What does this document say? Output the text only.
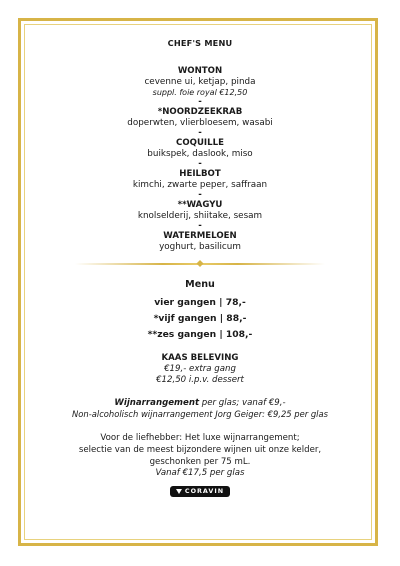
CHEF'S MENU

WONTON

cevenne ui, ketjap, pinda

suppl. foie royal €12,50

-

*NOORDZEEKRAB

doperwten, vlierbloesem, wasabi

-

COQUILLE

buikspek, daslook, miso

-

HEILBOT

kimchi, zwarte peper, saffraan

-

**WAGYU

knolselderij, shiitake, sesam

-

WATERMELOEN

yoghurt, basilicum

Menu

vier gangen | 78,-

*vijf gangen | 88,-

**zes gangen | 108,-

KAAS BELEVING

€19,- extra gang

€12,50 i.p.v. dessert

Wijnarrangement per glas; vanaf €9,-

Non-alcoholisch wijnarrangement Jorg Geiger: €9,25 per glas

Voor de liefhebber: Het luxe wijnarrangement;

selectie van de meest bijzondere wijnen uit onze kelder,

geschonken per 75 mL.

Vanaf €17,5 per glas

CORAVIN
